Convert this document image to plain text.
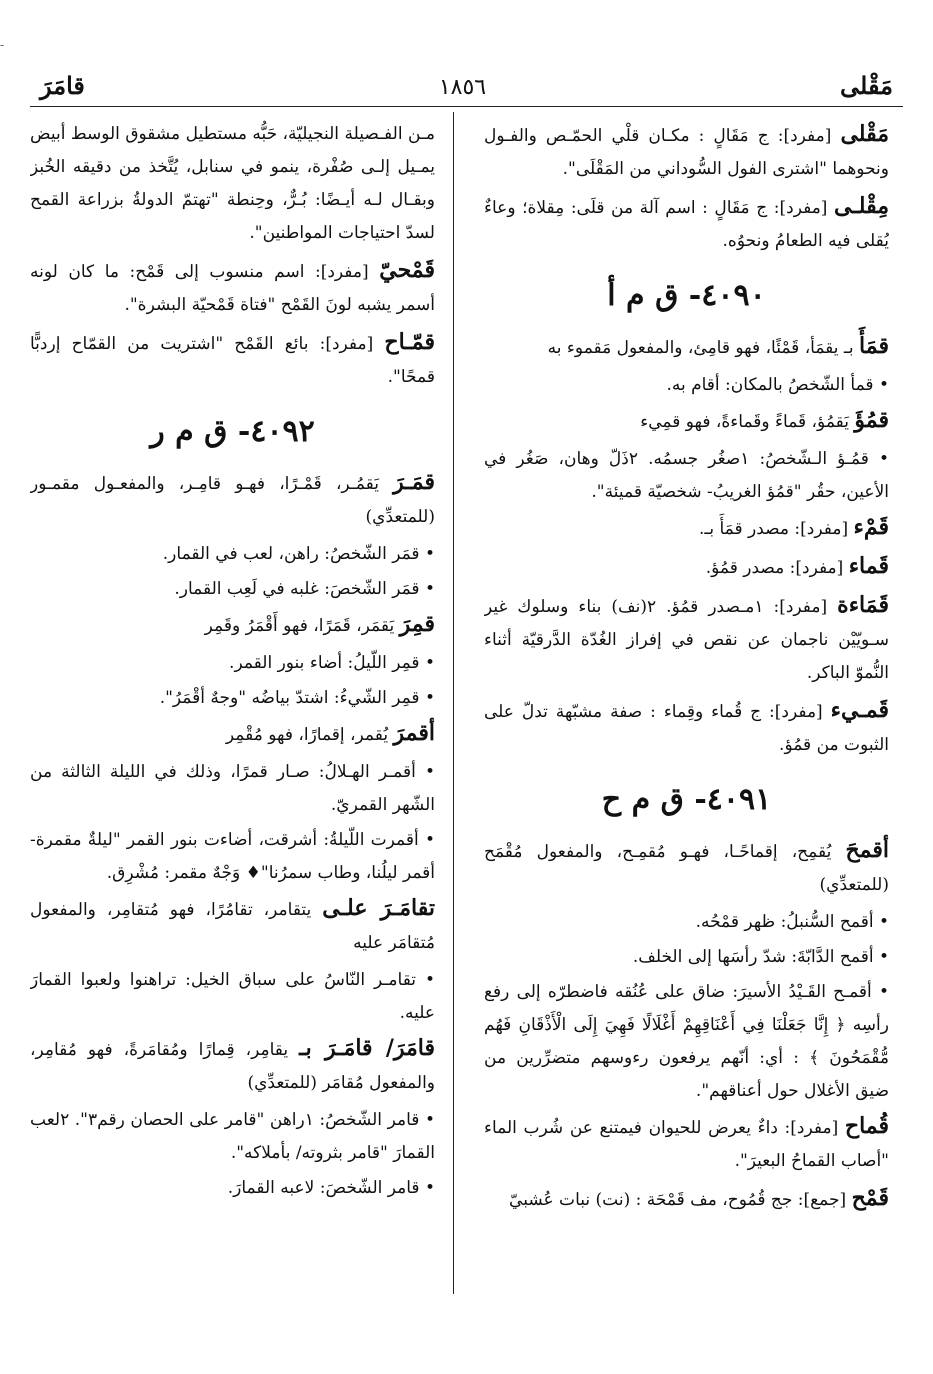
-
مَقْلى
١٨٥٦
قامَرَ
مَقْلى [مفرد]: ج مَقَالٍ : مكـان قلْي الحمّـص والفـول ونحوهما "اشترى الفول السُّوداني من المَقْلَى".
مِقْلـى [مفرد]: ج مَقَالٍ : اسم آلة من قلَى: مِقلاة؛ وعاءٌ يُقلى فيه الطعامُ ونحوُه.
٤٠٩٠- ق م أ
قمَأَ بـ يقمَأ، قَمْئًا، فهو قامِئ، والمفعول مَقموء به
• قمأ الشّخصُ بالمكان: أقام به.
قمُؤَ يَقمُؤ، قَماءً وقَماءةً، فهو قمِيء
• قمُـؤ الـشّخصُ: ١صغُر جسمُه. ٢ذَلّ وهان، صَغُر في الأعين، حقُر "قمُؤ الغريبُ- شخصيّة قميئة".
قَمْء [مفرد]: مصدر قمَأَ بـ.
قَماء [مفرد]: مصدر قمُؤ.
قَمَاءة [مفرد]: ١مـصدر قمُؤ. ٢(نف) بناء وسلوك غير سـويّيْن ناجمان عن نقص في إفراز الغُدّة الدَّرقيّة أثناء النُّموّ الباكر.
قَمـيء [مفرد]: ج قُماء وقِماء : صفة مشبّهة تدلّ على الثبوت من قمُؤ.
٤٠٩١- ق م ح
أقمحَ يُقمِح، إقماحًـا، فهـو مُقمِـح، والمفعول مُقْمَح (للمتعدِّي)
• أقمح السُّنبلُ: ظهر قمْحُه.
• أقمح الدَّابّةَ: شدّ رأسَها إلى الخلف.
• أقمـح القَـيْدُ الأسيرَ: ضاق على عُنُقه فاضطرّه إلى رفع رأسِه ﴿ إِنَّا جَعَلْنَا فِي أَعْنَاقِهِمْ أَغْلَالًا فَهِيَ إِلَى الْأَذْقَانِ فَهُم مُّقْمَحُونَ ﴾ : أي: أنّهم يرفعون رءوسهم متضرِّرين من ضيق الأغلال حول أعناقهم".
قُماح [مفرد]: داءٌ يعرض للحيوان فيمتنع عن شُرب الماء "أصاب القماحُ البعيرَ".
قَمْح [جمع]: جج قُمُوح، مف قَمْحَة : (نت) نبات عُشبيّ
مـن الفـصيلة النجيليّة، حَبُّه مستطيل مشقوق الوسط أبيض يمـيل إلـى صُفْرة، ينمو في سنابل، يُتَّخذ من دقيقه الخُبز وبقـال لـه أيـضًا: بُـرٌّ، وحِنطة "تهتمّ الدولةُ بزراعة القمح لسدّ احتياجات المواطنين".
قَمْحيّ [مفرد]: اسم منسوب إلى قَمْح: ما كان لونه أسمر يشبه لونَ القَمْح "فتاة قَمْحيّة البشرة".
قمّـاح [مفرد]: بائع القَمْح "اشتريت من القمّاح إردبًّا قمحًا".
٤٠٩٢- ق م ر
قمَـرَ يَقمُـر، قَمْـرًا، فهـو قامِـر، والمفعـول مقمـور (للمتعدِّي)
• قمَر الشّخصُ: راهن، لعب في القمار.
• قمَر الشّخصَ: غلبه في لَعِب القمار.
قمِرَ يَقمَر، قَمَرًا، فهو أَقْمَرُ وقَمِر
• قمِر اللّيلُ: أضاء بنور القمر.
• قمِر الشّيءُ: اشتدّ بياضُه "وجهٌ أقْمَرُ".
أقمرَ يُقمر، إقمارًا، فهو مُقْمِر
• أقمـر الهـلالُ: صـار قمرًا، وذلك في الليلة الثالثة من الشّهر القمريّ.
• أقمرت اللّيلةُ: أشرقت، أضاءت بنور القمر "ليلةٌ مقمرة- أقمر ليلُنا، وطاب سمرُنا"♦ وَجْهٌ مقمر: مُشْرِق.
تقامَـرَ علـى يتقامر، تقامُرًا، فهو مُتقامِر، والمفعول مُتقامَر عليه
• تقامـر النّاسُ على سباق الخيل: تراهنوا ولعبوا القمارَ عليه.
قامَرَ/ قامَـرَ بـ يقامِر، قِمارًا ومُقامَرةً، فهو مُقامِر، والمفعول مُقامَر (للمتعدِّي)
• قامر الشّخصُ: ١راهن "قامر على الحصان رقم٣". ٢لعب القمارَ "قامر بثروته/ بأملاكه".
• قامر الشّخصَ: لاعبه القمارَ.
